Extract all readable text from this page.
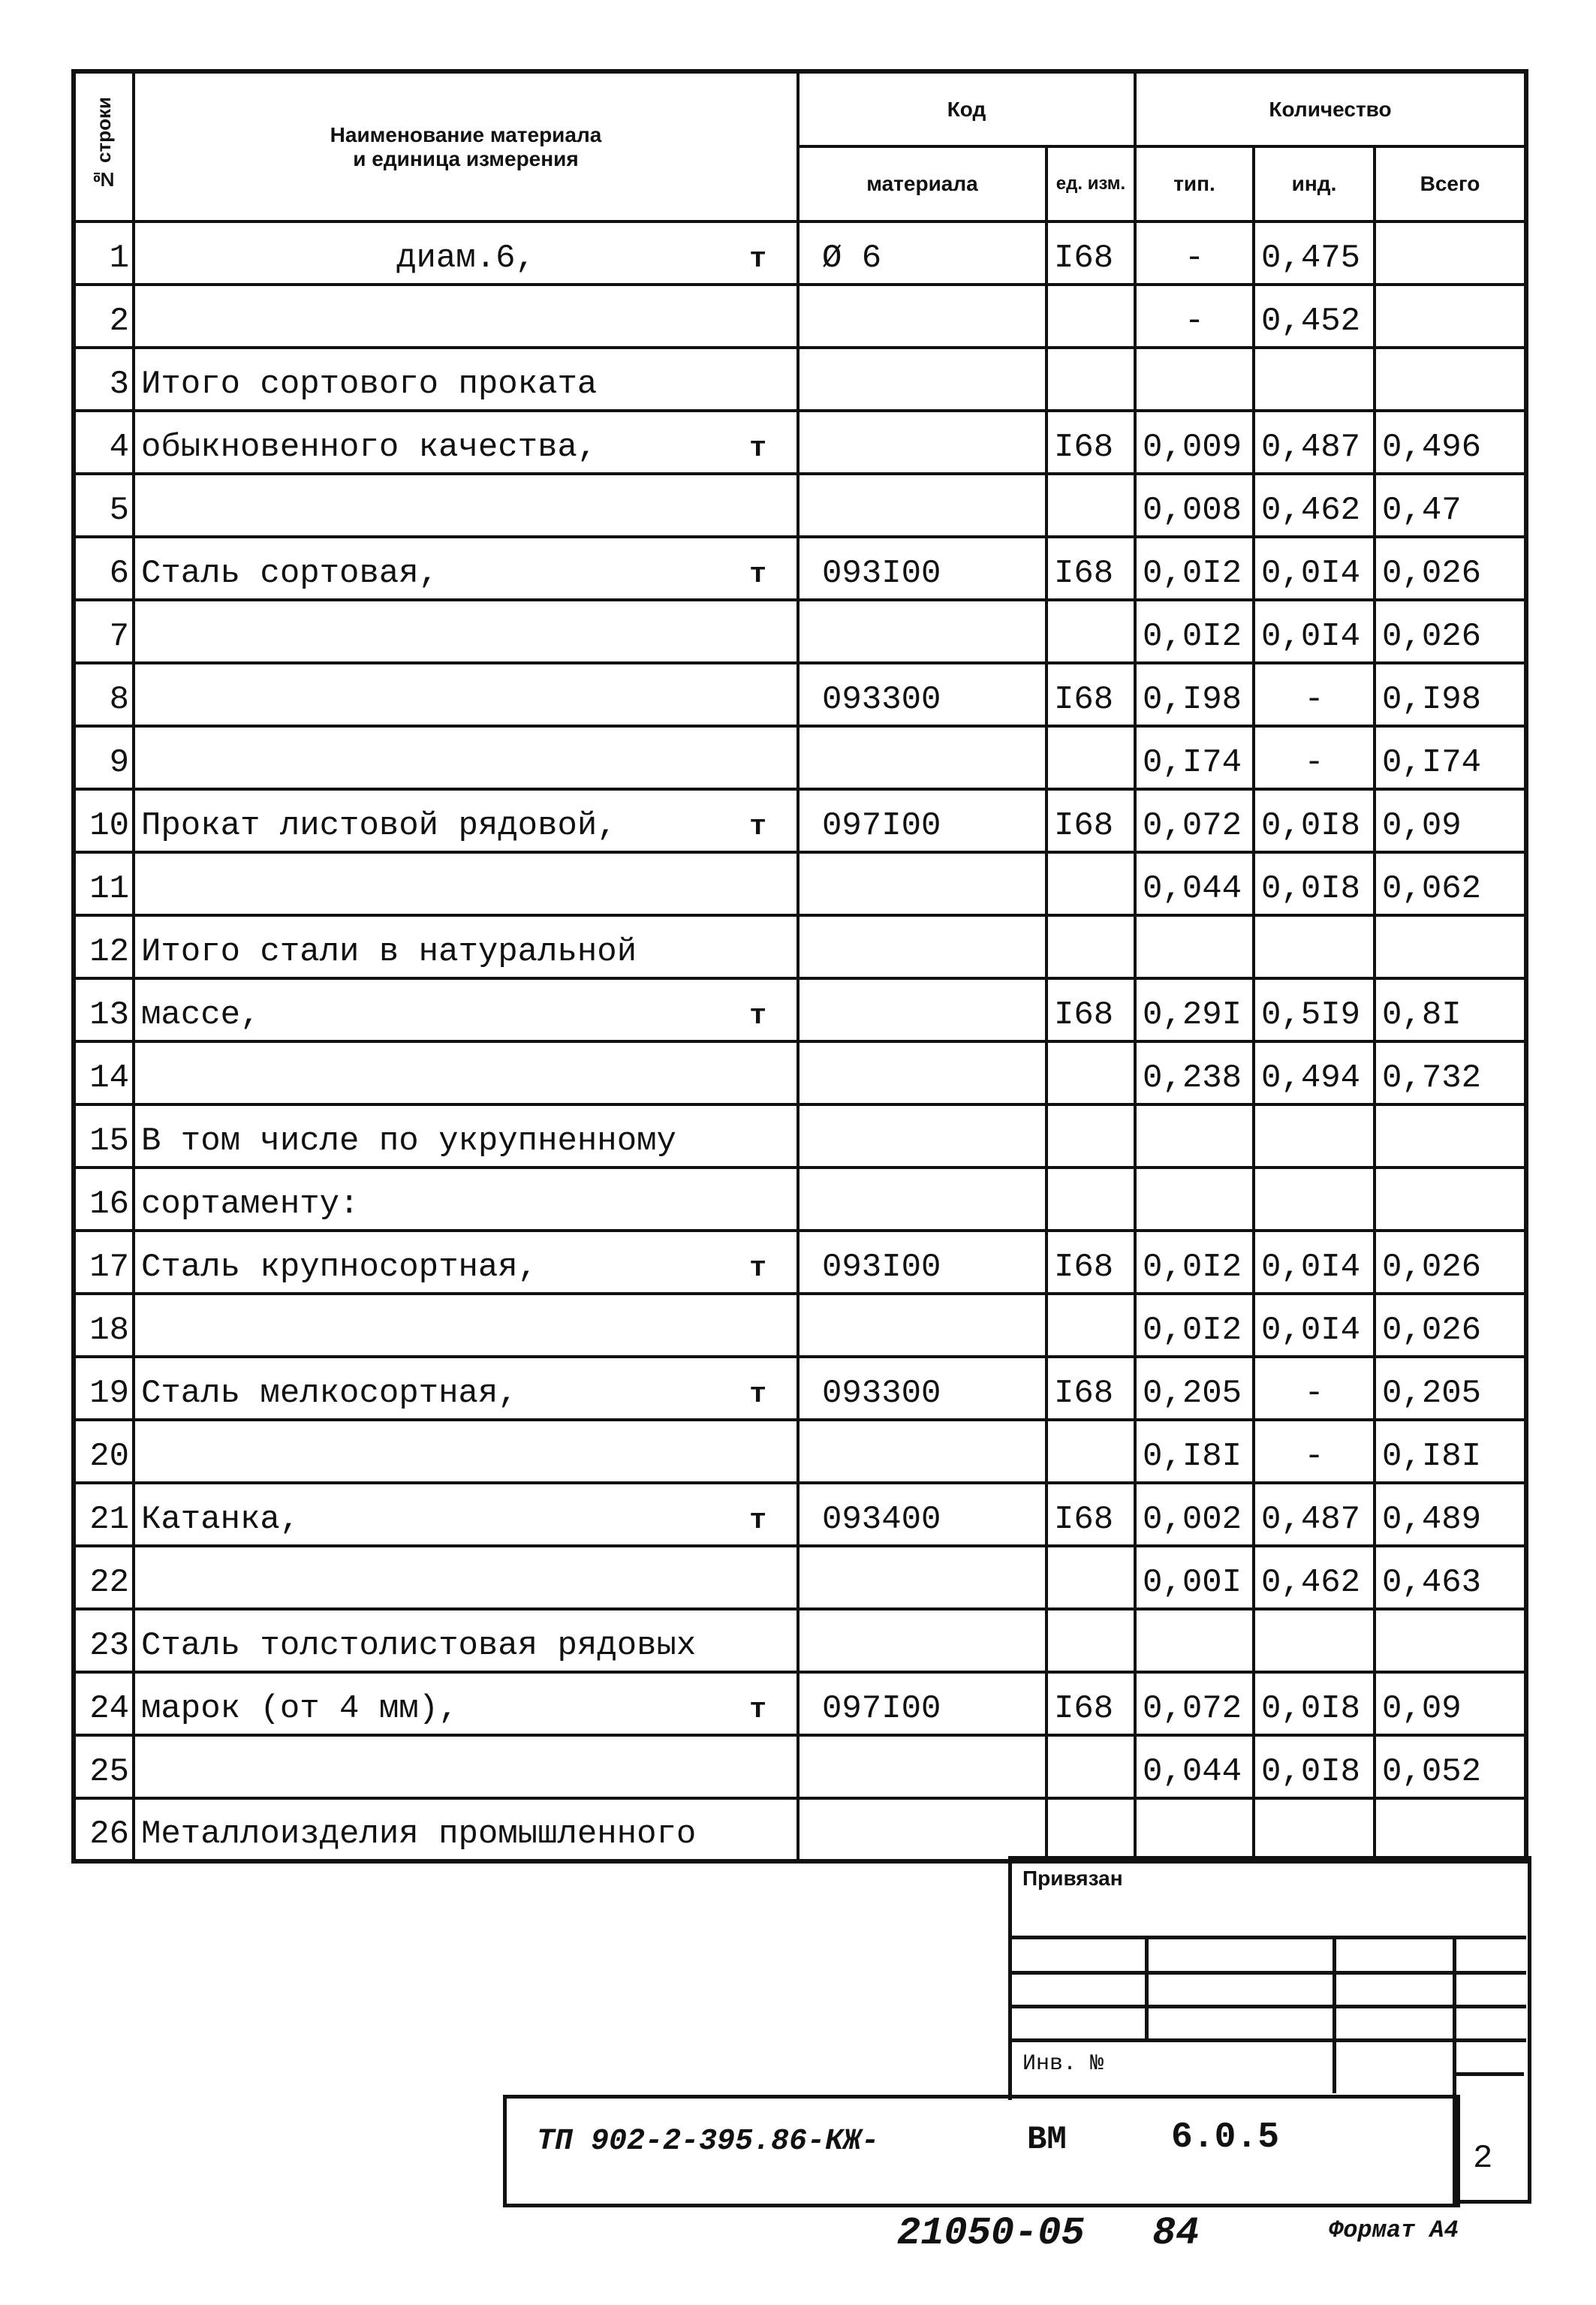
№ строки	Наименование материала
и единица измерения	Код		Количество		
		материала	ед. изм.	тип.	инд.	Всего
1	диам.6, т	Ø 6	I68	-	0,475	
2				-	0,452	
3	Итого сортового проката

4	обыкновенного качества, т		I68	0,009	0,487	0,496
5				0,008	0,462	0,47
6	Сталь сортовая, т	093I00	I68	0,0I2	0,0I4	0,026
7				0,0I2	0,0I4	0,026
8		093300	I68	0,I98	-	0,I98
9				0,I74	-	0,I74
10	Прокат листовой рядовой, т	097I00	I68	0,072	0,0I8	0,09
11				0,044	0,0I8	0,062
12	Итого стали в натуральной

13	массе, т		I68	0,29I	0,5I9	0,8I
14				0,238	0,494	0,732
15	В том числе по укрупненному

16	сортаменту:

17	Сталь крупносортная, т	093I00	I68	0,0I2	0,0I4	0,026
18				0,0I2	0,0I4	0,026
19	Сталь мелкосортная, т	093300	I68	0,205	-	0,205
20				0,I8I	-	0,I8I
21	Катанка, т	093400	I68	0,002	0,487	0,489
22				0,00I	0,462	0,463
23	Сталь толстолистовая рядовых

24	марок (от 4 мм), т	097I00	I68	0,072	0,0I8	0,09
25				0,044	0,0I8	0,052
26	Металлоизделия промышленного

Привязан
Инв. №
ТП 902-2-395.86-КЖ-	ВМ	6.0.5
2
21050-05 84	Формат А4
